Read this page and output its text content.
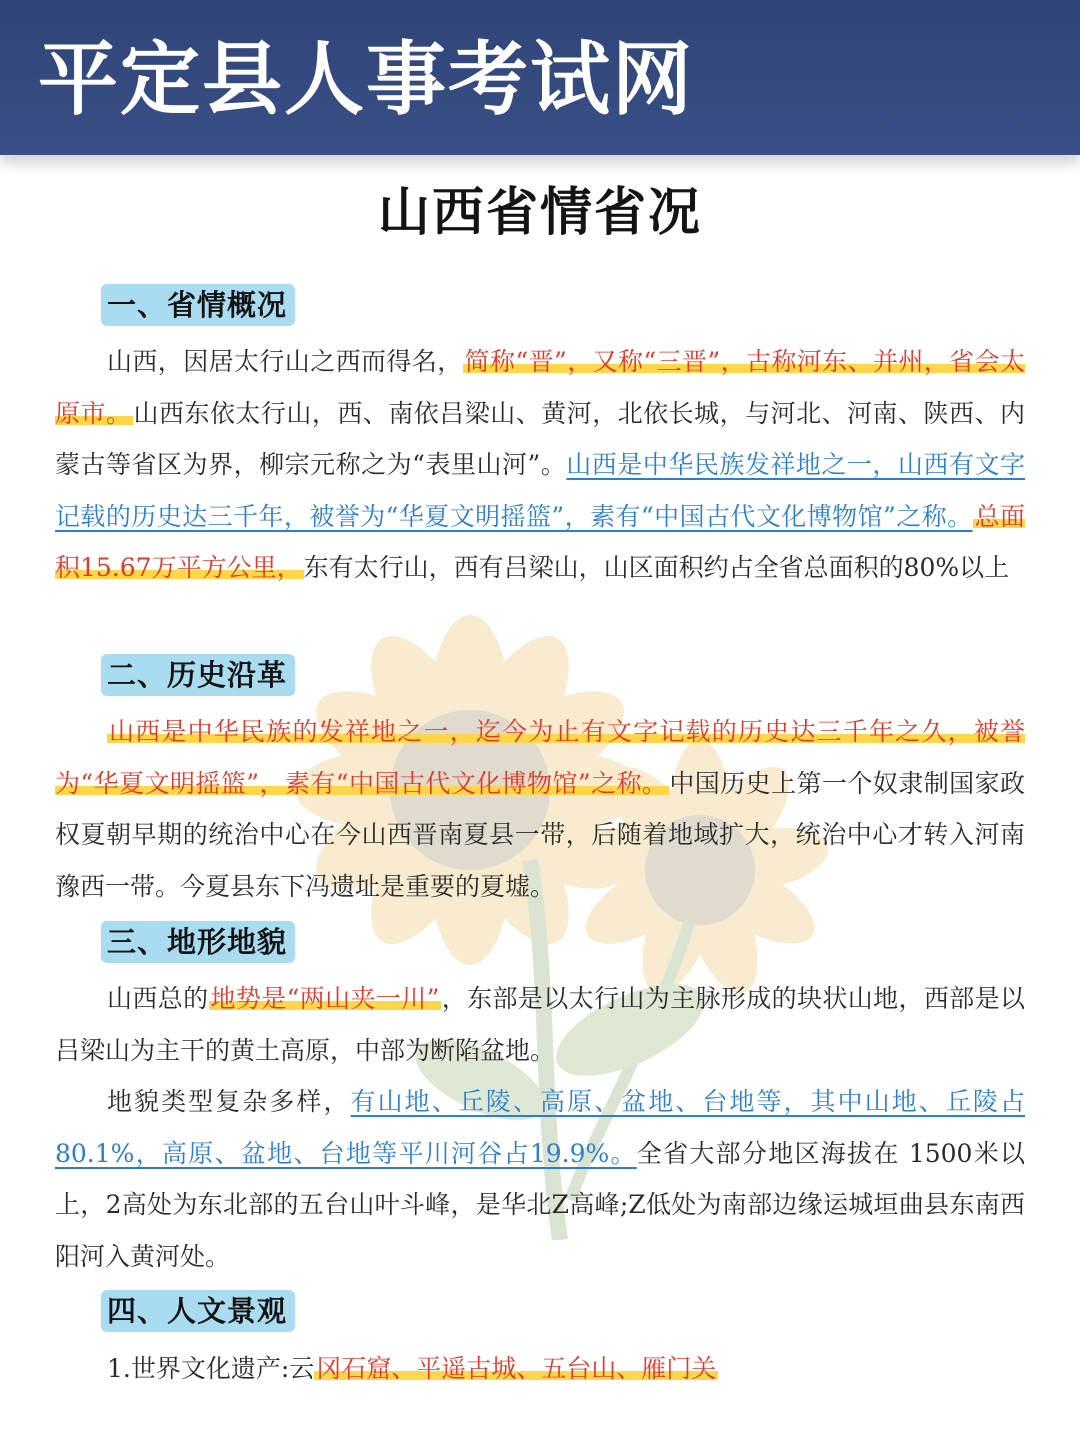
平定县人事考试网
山西省情省况
一、省情概况

山西，因居太行山之西而得名，简称“晋”，又称“三晋”，古称河东、并州，省会太原市。山西东依太行山，西、南依吕梁山、黄河，北依长城，与河北、河南、陕西、内蒙古等省区为界，柳宗元称之为“表里山河”。山西是中华民族发祥地之一，山西有文字记载的历史达三千年，被誉为“华夏文明摇篮”，素有“中国古代文化博物馆”之称。总面积15.67万平方公里，东有太行山，西有吕梁山，山区面积约占全省总面积的80%以上

二、历史沿革

山西是中华民族的发祥地之一，迄今为止有文字记载的历史达三千年之久，被誉为“华夏文明摇篮”，素有“中国古代文化博物馆”之称。中国历史上第一个奴隶制国家政权夏朝早期的统治中心在今山西晋南夏县一带，后随着地域扩大，统治中心才转入河南豫西一带。今夏县东下冯遗址是重要的夏墟。

三、地形地貌

山西总的地势是“两山夹一川”，东部是以太行山为主脉形成的块状山地，西部是以吕梁山为主干的黄土高原，中部为断陷盆地。

地貌类型复杂多样，有山地、丘陵、高原、盆地、台地等，其中山地、丘陵占80.1%，高原、盆地、台地等平川河谷占19.9%。全省大部分地区海拔在 1500米以上，2高处为东北部的五台山叶斗峰，是华北Z高峰;Z低处为南部边缘运城垣曲县东南西阳河入黄河处。

四、人文景观

1.世界文化遗产:云冈石窟、平遥古城、五台山、雁门关
